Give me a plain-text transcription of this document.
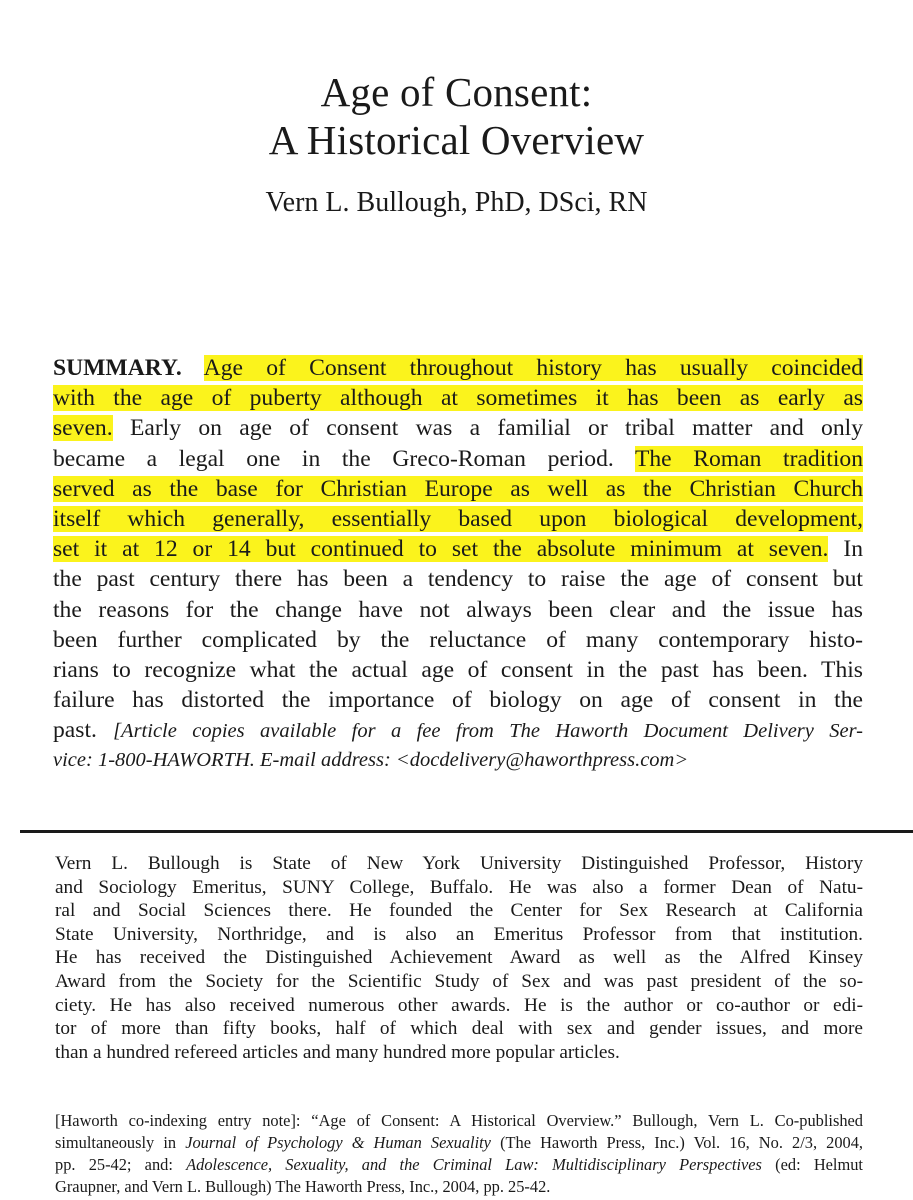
Age of Consent:
A Historical Overview
Vern L. Bullough, PhD, DSci, RN
SUMMARY. Age of Consent throughout history has usually coincided
with the age of puberty although at sometimes it has been as early as
seven. Early on age of consent was a familial or tribal matter and only
became a legal one in the Greco-Roman period. The Roman tradition
served as the base for Christian Europe as well as the Christian Church
itself which generally, essentially based upon biological development,
set it at 12 or 14 but continued to set the absolute minimum at seven. In
the past century there has been a tendency to raise the age of consent but
the reasons for the change have not always been clear and the issue has
been further complicated by the reluctance of many contemporary histo-
rians to recognize what the actual age of consent in the past has been. This
failure has distorted the importance of biology on age of consent in the
past. [Article copies available for a fee from The Haworth Document Delivery Ser-
vice: 1-800-HAWORTH. E-mail address: <docdelivery@haworthpress.com>
Vern L. Bullough is State of New York University Distinguished Professor, History
and Sociology Emeritus, SUNY College, Buffalo. He was also a former Dean of Natu-
ral and Social Sciences there. He founded the Center for Sex Research at California
State University, Northridge, and is also an Emeritus Professor from that institution.
He has received the Distinguished Achievement Award as well as the Alfred Kinsey
Award from the Society for the Scientific Study of Sex and was past president of the so-
ciety. He has also received numerous other awards. He is the author or co-author or edi-
tor of more than fifty books, half of which deal with sex and gender issues, and more
than a hundred refereed articles and many hundred more popular articles.
[Haworth co-indexing entry note]: “Age of Consent: A Historical Overview.” Bullough, Vern L. Co-published
simultaneously in Journal of Psychology & Human Sexuality (The Haworth Press, Inc.) Vol. 16, No. 2/3, 2004,
pp. 25-42; and: Adolescence, Sexuality, and the Criminal Law: Multidisciplinary Perspectives (ed: Helmut
Graupner, and Vern L. Bullough) The Haworth Press, Inc., 2004, pp. 25-42.
